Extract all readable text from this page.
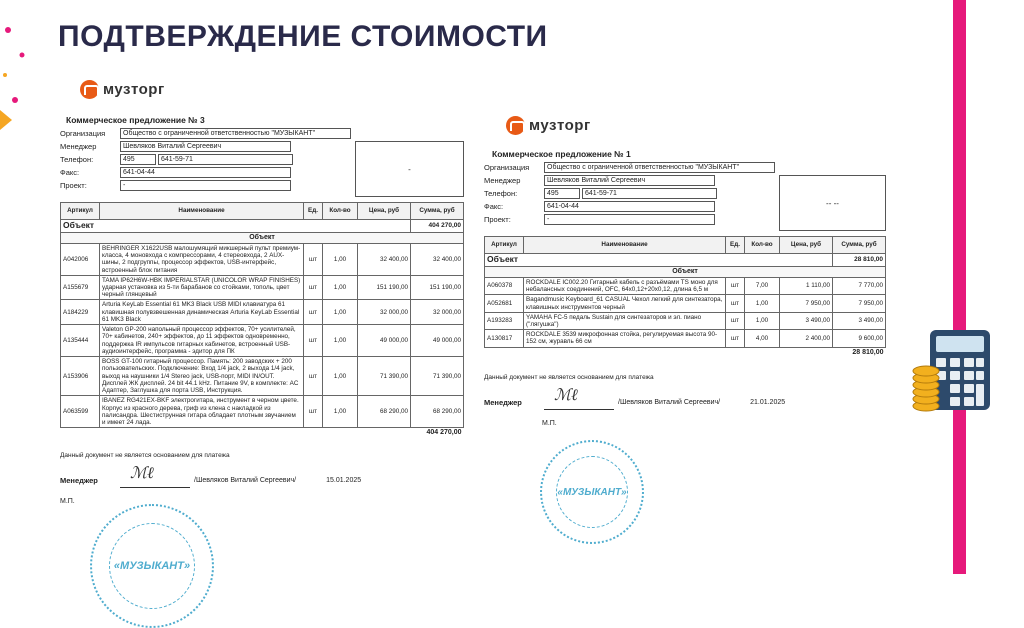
ПОДТВЕРЖДЕНИЕ СТОИМОСТИ
музторг
Коммерческое предложение № 3
Организация	Общество с ограниченной ответственностью "МУЗЫКАНТ"
Менеджер	Шевляков Виталий Сергеевич
Телефон:	495	641-59-71
Факс:	641-04-44
Проект:	-
-
Артикул	Наименование	Ед.	Кол-во	Цена, руб	Сумма, руб
Объект					404 270,00
Объект					
A042006	BEHRINGER X1622USB малошумящий микшерный пульт премиум-класса, 4 моновхода с компрессорами, 4 стереовхода, 2 AUX-шины, 2 подгруппы, процессор эффектов, USB-интерфейс, встроенный блок питания	шт	1,00	32 400,00	32 400,00
A155679	TAMA IP62H6W-HBK IMPERIALSTAR (UNICOLOR WRAP FINISHES) ударная установка из 5-ти барабанов со стойками, тополь, цвет черный глянцевый	шт	1,00	151 190,00	151 190,00
A184229	Arturia KeyLab Essential 61 MK3 Black USB MIDI клавиатура 61 клавишная полувзвешенная динамическая Arturia KeyLab Essential 61 MK3 Black	шт	1,00	32 000,00	32 000,00
A135444	Valeton GP-200 напольный процессор эффектов, 70+ усилителей, 70+ кабинетов, 240+ эффектов, до 11 эффектов одновременно, поддержка IR импульсов гитарных кабинетов, встроенный USB-аудиоинтерфейс, программа - эдитор для ПК	шт	1,00	49 000,00	49 000,00
A153906	BOSS GT-100 гитарный процессор. Память: 200 заводских + 200 пользовательских. Подключение: Вход 1/4 jack, 2 выхода 1/4 jack, выход на наушники 1/4 Stereo jack, USB-порт, MIDI IN/OUT. Дисплей ЖК дисплей. 24 bit 44.1 kHz. Питание 9V, в комплекте: AC Адаптер, Заглушка для порта USB, Инструкция.	шт	1,00	71 390,00	71 390,00
A063599	IBANEZ RG421EX-BKF электрогитара, инструмент в черном цвете. Корпус из красного дерева, гриф из клена с накладкой из палисандра. Шестиструнная гитара обладает плотным звучанием и имеет 24 лада.	шт	1,00	68 290,00	68 290,00
404 270,00					
Данный документ не является основанием для платежа
Менеджер	ℳℓ	/Шевляков Виталий Сергеевич/	15.01.2025
М.П.
«МУЗЫКАНТ»
музторг
Коммерческое предложение № 1
Организация	Общество с ограниченной ответственностью "МУЗЫКАНТ"
Менеджер	Шевляков Виталий Сергеевич
Телефон:	495	641-59-71
Факс:	641-04-44
Проект:	-
-- --
Артикул	Наименование	Ед.	Кол-во	Цена, руб	Сумма, руб
Объект					28 810,00
Объект					
A060378	ROCKDALE IC002.20 Гитарный кабель с разъёмами TS моно для небалансных соединений, OFC, 64x0,12+20x0,12, длина 6,5 м	шт	7,00	1 110,00	7 770,00
A052681	Bagandmusic Keyboard_61 CASUAL Чехол легкий для синтезатора, клавишных инструментов черный	шт	1,00	7 950,00	7 950,00
A193283	YAMAHA FC-5 педаль Sustain для синтезаторов и эл. пиано ("лягушка")	шт	1,00	3 490,00	3 490,00
A130817	ROCKDALE 3539 микрофонная стойка, регулируемая высота 90-152 см, журавль 66 см	шт	4,00	2 400,00	9 600,00
28 810,00					
Данный документ не является основанием для платежа
Менеджер	ℳℓ	/Шевляков Виталий Сергеевич/	21.01.2025
М.П.
«МУЗЫКАНТ»
